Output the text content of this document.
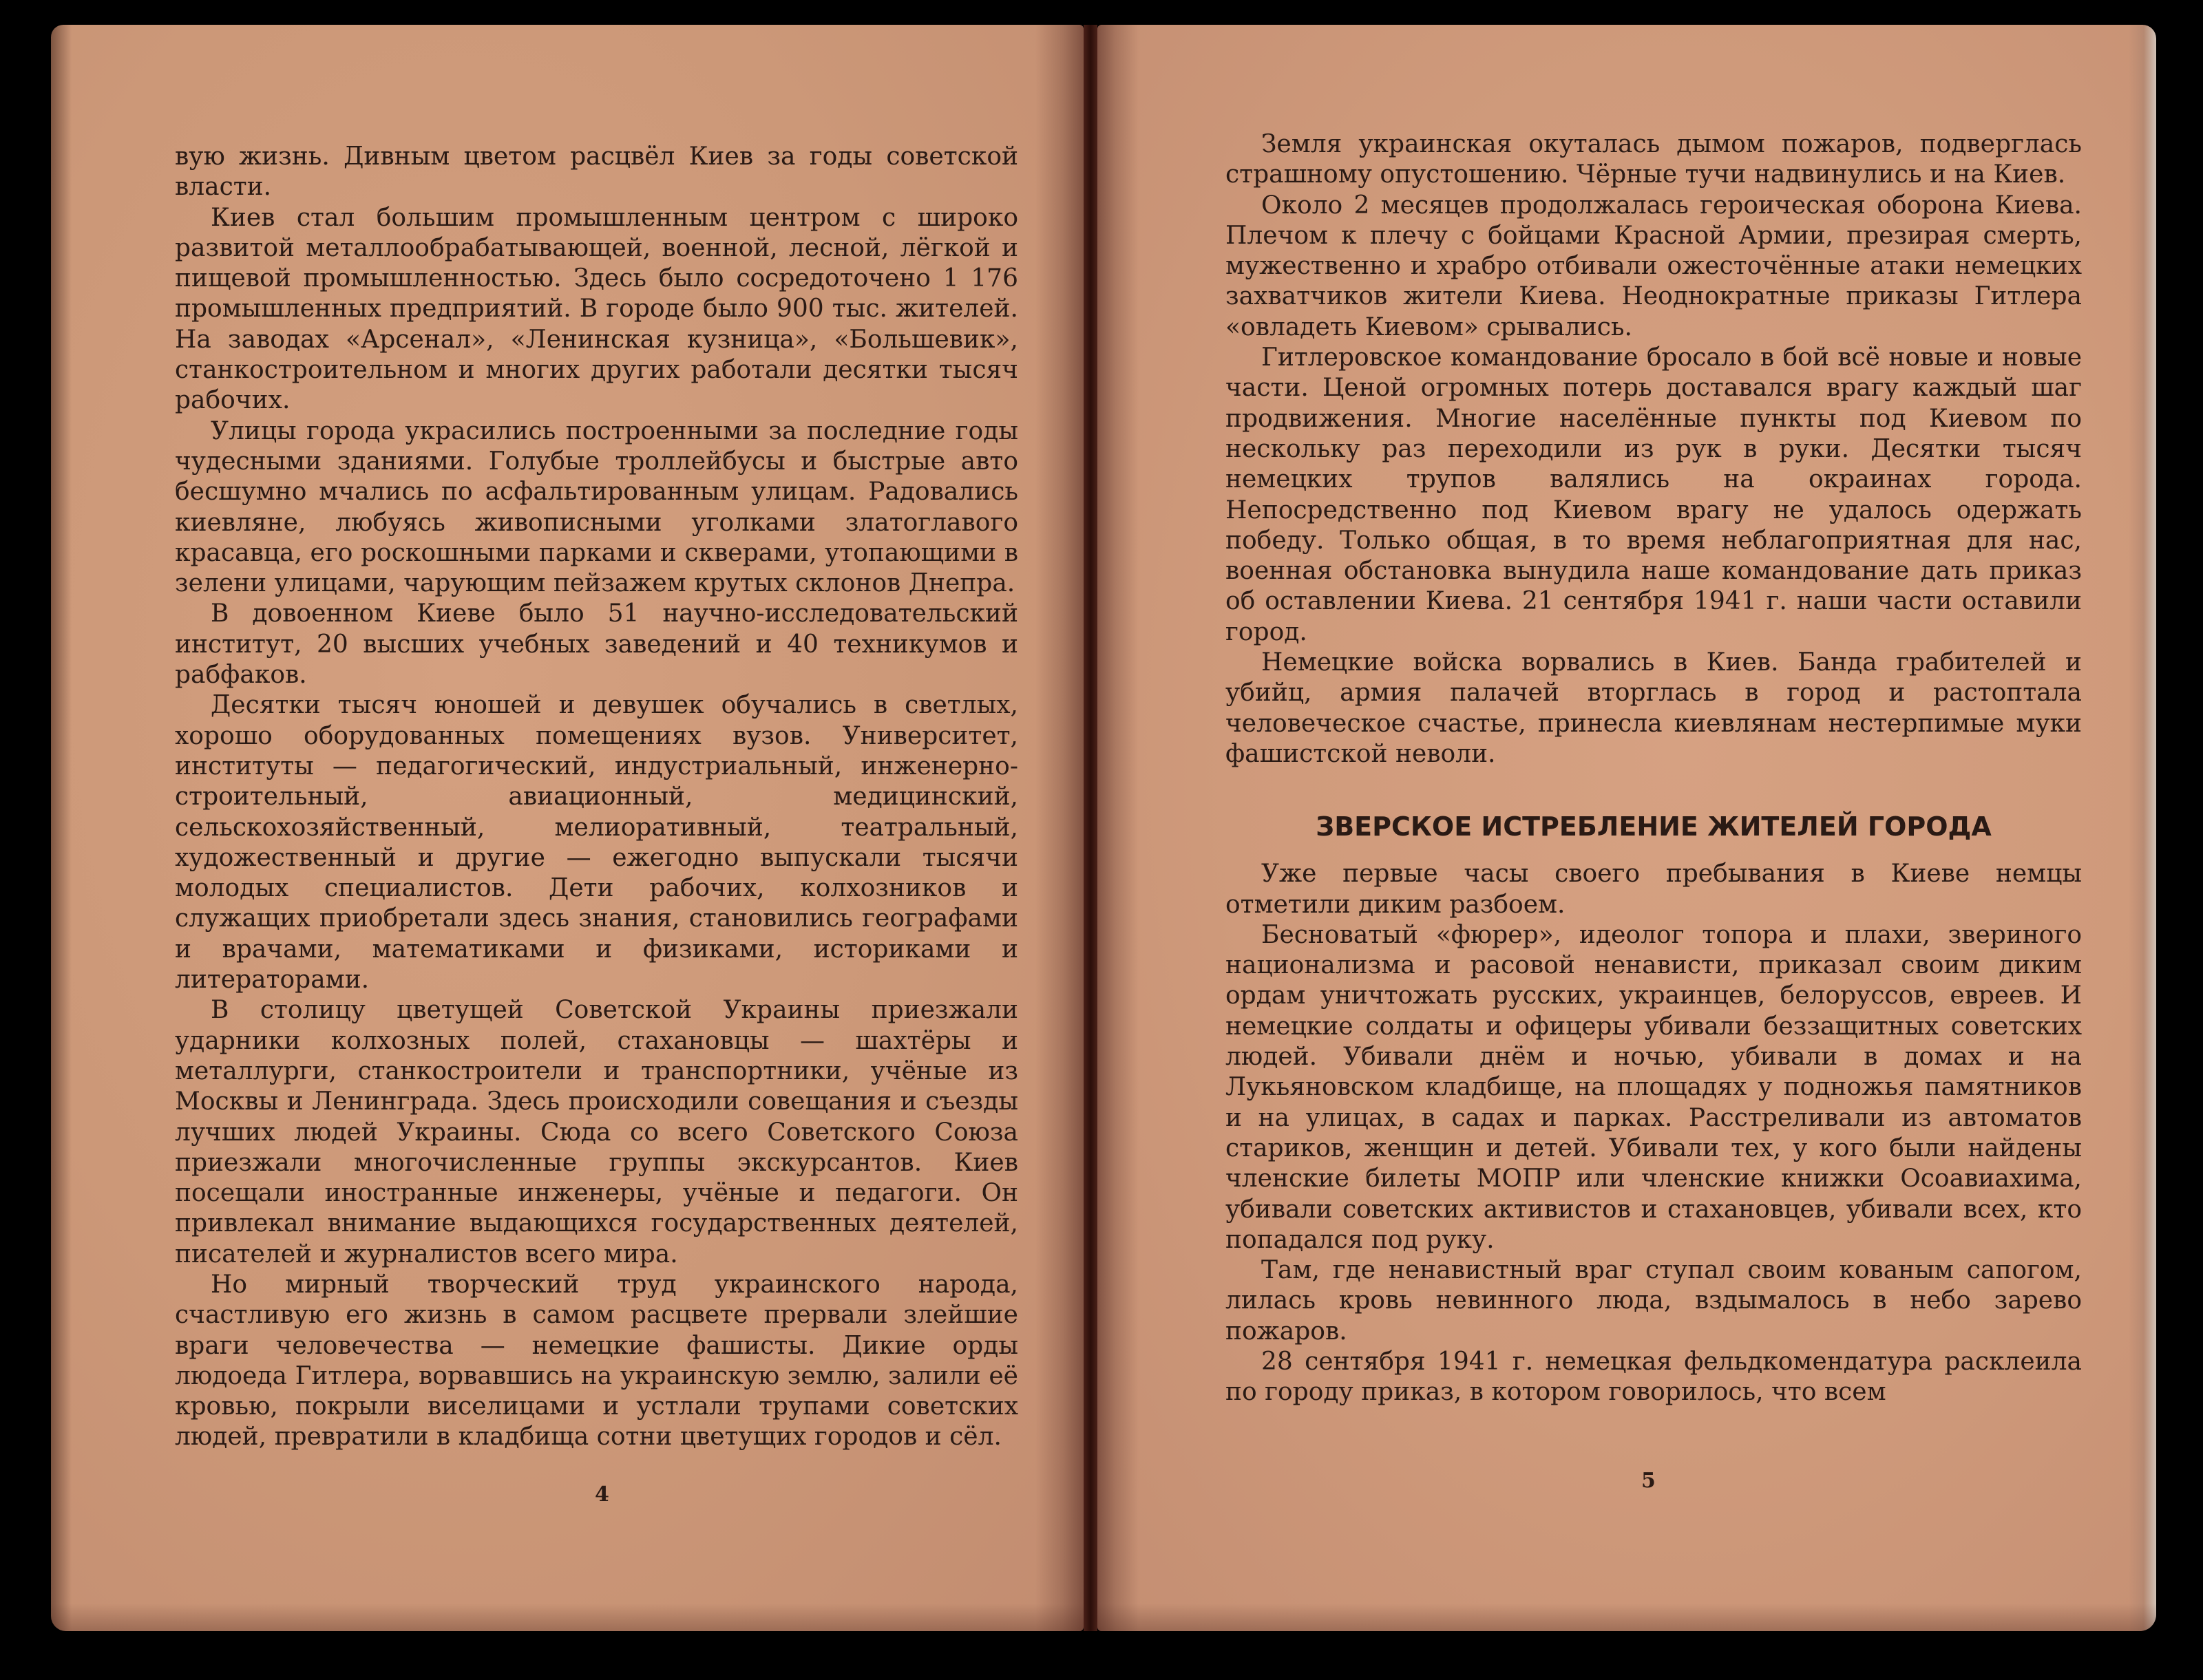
вую жизнь. Дивным цветом расцвёл Киев за годы советской власти.

Киев стал большим промышленным центром с широко развитой металлообрабатывающей, военной, лесной, лёгкой и пищевой промышленностью. Здесь было сосредоточено 1 176 промышленных предприятий. В городе было 900 тыс. жителей. На заводах «Арсенал», «Ленинская кузница», «Большевик», станкостроительном и многих других работали десятки тысяч рабочих.

Улицы города украсились построенными за последние годы чудесными зданиями. Голубые троллейбусы и быстрые авто бесшумно мчались по асфальтированным улицам. Радовались киевляне, любуясь живописными уголками златоглавого красавца, его роскошными парками и скверами, утопающими в зелени улицами, чарующим пейзажем крутых склонов Днепра.

В довоенном Киеве было 51 научно-исследовательский институт, 20 высших учебных заведений и 40 техникумов и рабфаков.

Десятки тысяч юношей и девушек обучались в светлых, хорошо оборудованных помещениях вузов. Университет, институты — педагогический, индустриальный, инженерно-строительный, авиационный, медицинский, сельскохозяйственный, мелиоративный, театральный, художественный и другие — ежегодно выпускали тысячи молодых специалистов. Дети рабочих, колхозников и служащих приобретали здесь знания, становились географами и врачами, математиками и физиками, историками и литераторами.

В столицу цветущей Советской Украины приезжали ударники колхозных полей, стахановцы — шахтёры и металлурги, станкостроители и транспортники, учёные из Москвы и Ленинграда. Здесь происходили совещания и съезды лучших людей Украины. Сюда со всего Советского Союза приезжали многочисленные группы экскурсантов. Киев посещали иностранные инженеры, учёные и педагоги. Он привлекал внимание выдающихся государственных деятелей, писателей и журналистов всего мира.

Но мирный творческий труд украинского народа, счастливую его жизнь в самом расцвете прервали злейшие враги человечества — немецкие фашисты. Дикие орды людоеда Гитлера, ворвавшись на украинскую землю, залили её кровью, покрыли виселицами и устлали трупами советских людей, превратили в кладбища сотни цветущих городов и сёл.

4

Земля украинская окуталась дымом пожаров, подверглась страшному опустошению. Чёрные тучи надвинулись и на Киев.

Около 2 месяцев продолжалась героическая оборона Киева. Плечом к плечу с бойцами Красной Армии, презирая смерть, мужественно и храбро отбивали ожесточённые атаки немецких захватчиков жители Киева. Неоднократные приказы Гитлера «овладеть Киевом» срывались.

Гитлеровское командование бросало в бой всё новые и новые части. Ценой огромных потерь доставался врагу каждый шаг продвижения. Многие населённые пункты под Киевом по нескольку раз переходили из рук в руки. Десятки тысяч немецких трупов валялись на окраинах города. Непосредственно под Киевом врагу не удалось одержать победу. Только общая, в то время неблагоприятная для нас, военная обстановка вынудила наше командование дать приказ об оставлении Киева. 21 сентября 1941 г. наши части оставили город.

Немецкие войска ворвались в Киев. Банда грабителей и убийц, армия палачей вторглась в город и растоптала человеческое счастье, принесла киевлянам нестерпимые муки фашистской неволи.

ЗВЕРСКОЕ ИСТРЕБЛЕНИЕ ЖИТЕЛЕЙ ГОРОДА

Уже первые часы своего пребывания в Киеве немцы отметили диким разбоем.

Бесноватый «фюрер», идеолог топора и плахи, звериного национализма и расовой ненависти, приказал своим диким ордам уничтожать русских, украинцев, белоруссов, евреев. И немецкие солдаты и офицеры убивали беззащитных советских людей. Убивали днём и ночью, убивали в домах и на Лукьяновском кладбище, на площадях у подножья памятников и на улицах, в садах и парках. Расстреливали из автоматов стариков, женщин и детей. Убивали тех, у кого были найдены членские билеты МОПР или членские книжки Осоавиахима, убивали советских активистов и стахановцев, убивали всех, кто попадался под руку.

Там, где ненавистный враг ступал своим кованым сапогом, лилась кровь невинного люда, вздымалось в небо зарево пожаров.

28 сентября 1941 г. немецкая фельдкомендатура расклеила по городу приказ, в котором говорилось, что всем

5
